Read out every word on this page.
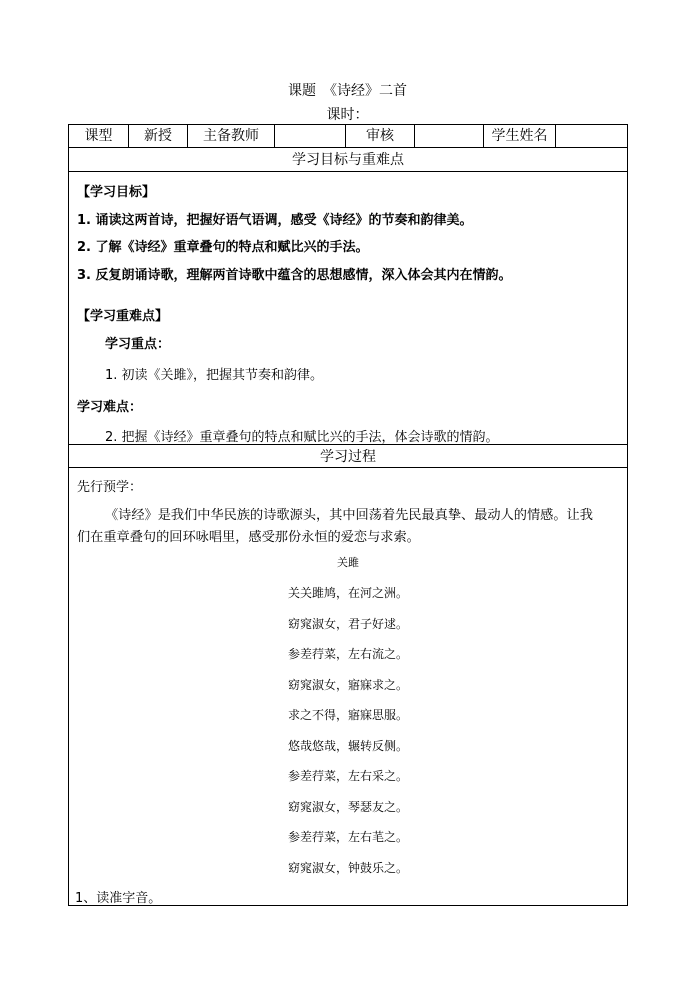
课题　《诗经》二首
课时：
课型	新授	主备教师	审核	学生姓名
学习目标与重难点
【学习目标】
1. 诵读这两首诗，把握好语气语调，感受《诗经》的节奏和韵律美。
2. 了解《诗经》重章叠句的特点和赋比兴的手法。
3. 反复朗诵诗歌，理解两首诗歌中蕴含的思想感情，深入体会其内在情韵。
【学习重难点】
学习重点：
1. 初读《关雎》，把握其节奏和韵律。
学习难点：
2. 把握《诗经》重章叠句的特点和赋比兴的手法，体会诗歌的情韵。
学习过程
先行预学：
《诗经》是我们中华民族的诗歌源头，其中回荡着先民最真挚、最动人的情感。让我
们在重章叠句的回环咏唱里，感受那份永恒的爱恋与求索。
关雎
关关雎鸠，在河之洲。
窈窕淑女，君子好逑。
参差荇菜，左右流之。
窈窕淑女，寤寐求之。
求之不得，寤寐思服。
悠哉悠哉，辗转反侧。
参差荇菜，左右采之。
窈窕淑女，琴瑟友之。
参差荇菜，左右芼之。
窈窕淑女，钟鼓乐之。
1、读准字音。
